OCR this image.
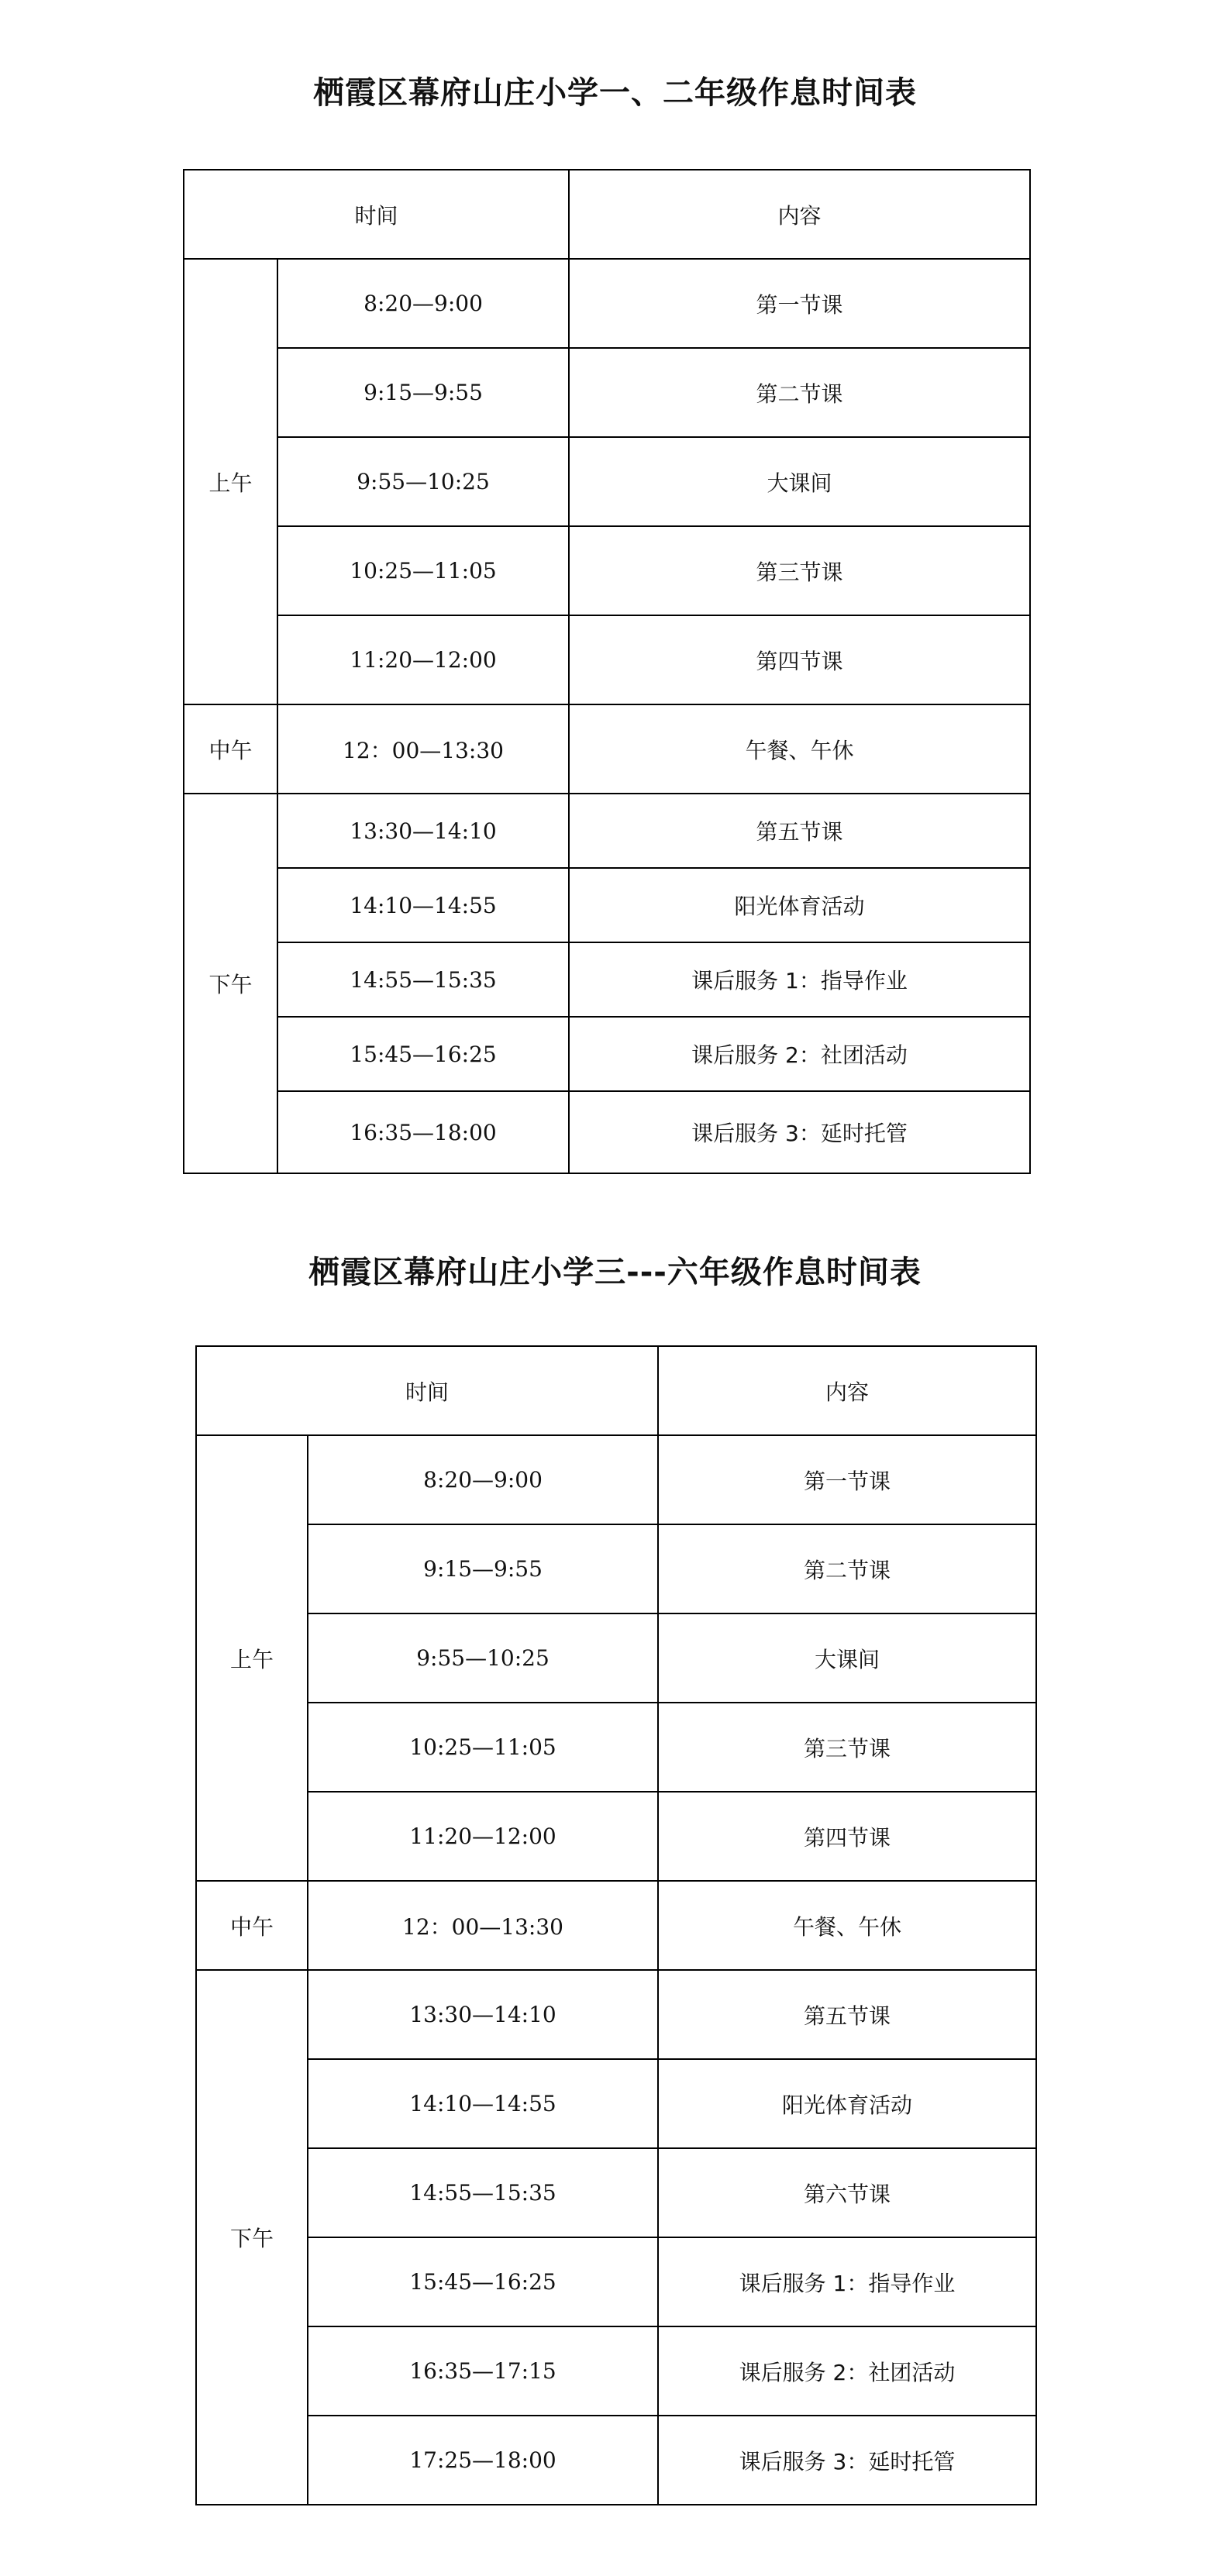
栖霞区幕府山庄小学一、二年级作息时间表
时间		内容
上午	8:20—9:00	第一节课
	9:15—9:55	第二节课
	9:55—10:25	大课间
	10:25—11:05	第三节课
	11:20—12:00	第四节课
中午	12：00—13:30	午餐、午休
下午	13:30—14:10	第五节课
	14:10—14:55	阳光体育活动
	14:55—15:35	课后服务 1：指导作业
	15:45—16:25	课后服务 2：社团活动
	16:35—18:00	课后服务 3：延时托管
栖霞区幕府山庄小学三---六年级作息时间表
时间		内容
上午	8:20—9:00	第一节课
	9:15—9:55	第二节课
	9:55—10:25	大课间
	10:25—11:05	第三节课
	11:20—12:00	第四节课
中午	12：00—13:30	午餐、午休
下午	13:30—14:10	第五节课
	14:10—14:55	阳光体育活动
	14:55—15:35	第六节课
	15:45—16:25	课后服务 1：指导作业
	16:35—17:15	课后服务 2：社团活动
	17:25—18:00	课后服务 3：延时托管
